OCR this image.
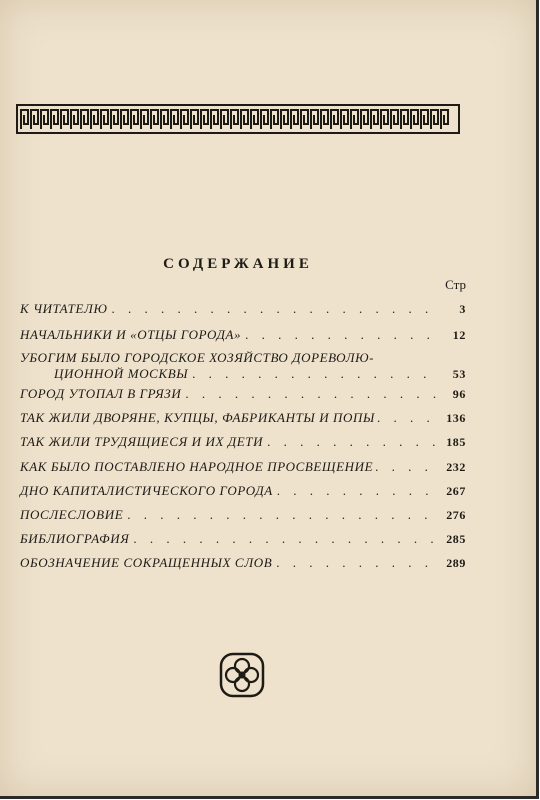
СОДЕРЖАНИЕ
Стр
К ЧИТАТЕЛЮ . . .	3
НАЧАЛЬНИКИ И «ОТЦЫ ГОРОДА» . . .	12
УБОГИМ БЫЛО ГОРОДСКОЕ ХОЗЯЙСТВО ДОРЕВОЛЮ-
ЦИОННОЙ МОСКВЫ . . .	53
ГОРОД УТОПАЛ В ГРЯЗИ . . .	96
ТАК ЖИЛИ ДВОРЯНЕ, КУПЦЫ, ФАБРИКАНТЫ И ПОПЫ . . .	136
ТАК ЖИЛИ ТРУДЯЩИЕСЯ И ИХ ДЕТИ . . .	185
КАК БЫЛО ПОСТАВЛЕНО НАРОДНОЕ ПРОСВЕЩЕНИЕ . . .	232
ДНО КАПИТАЛИСТИЧЕСКОГО ГОРОДА . . .	267
ПОСЛЕСЛОВИЕ . . .	276
БИБЛИОГРАФИЯ . . .	285
ОБОЗНАЧЕНИЕ СОКРАЩЕННЫХ СЛОВ . . .	289
